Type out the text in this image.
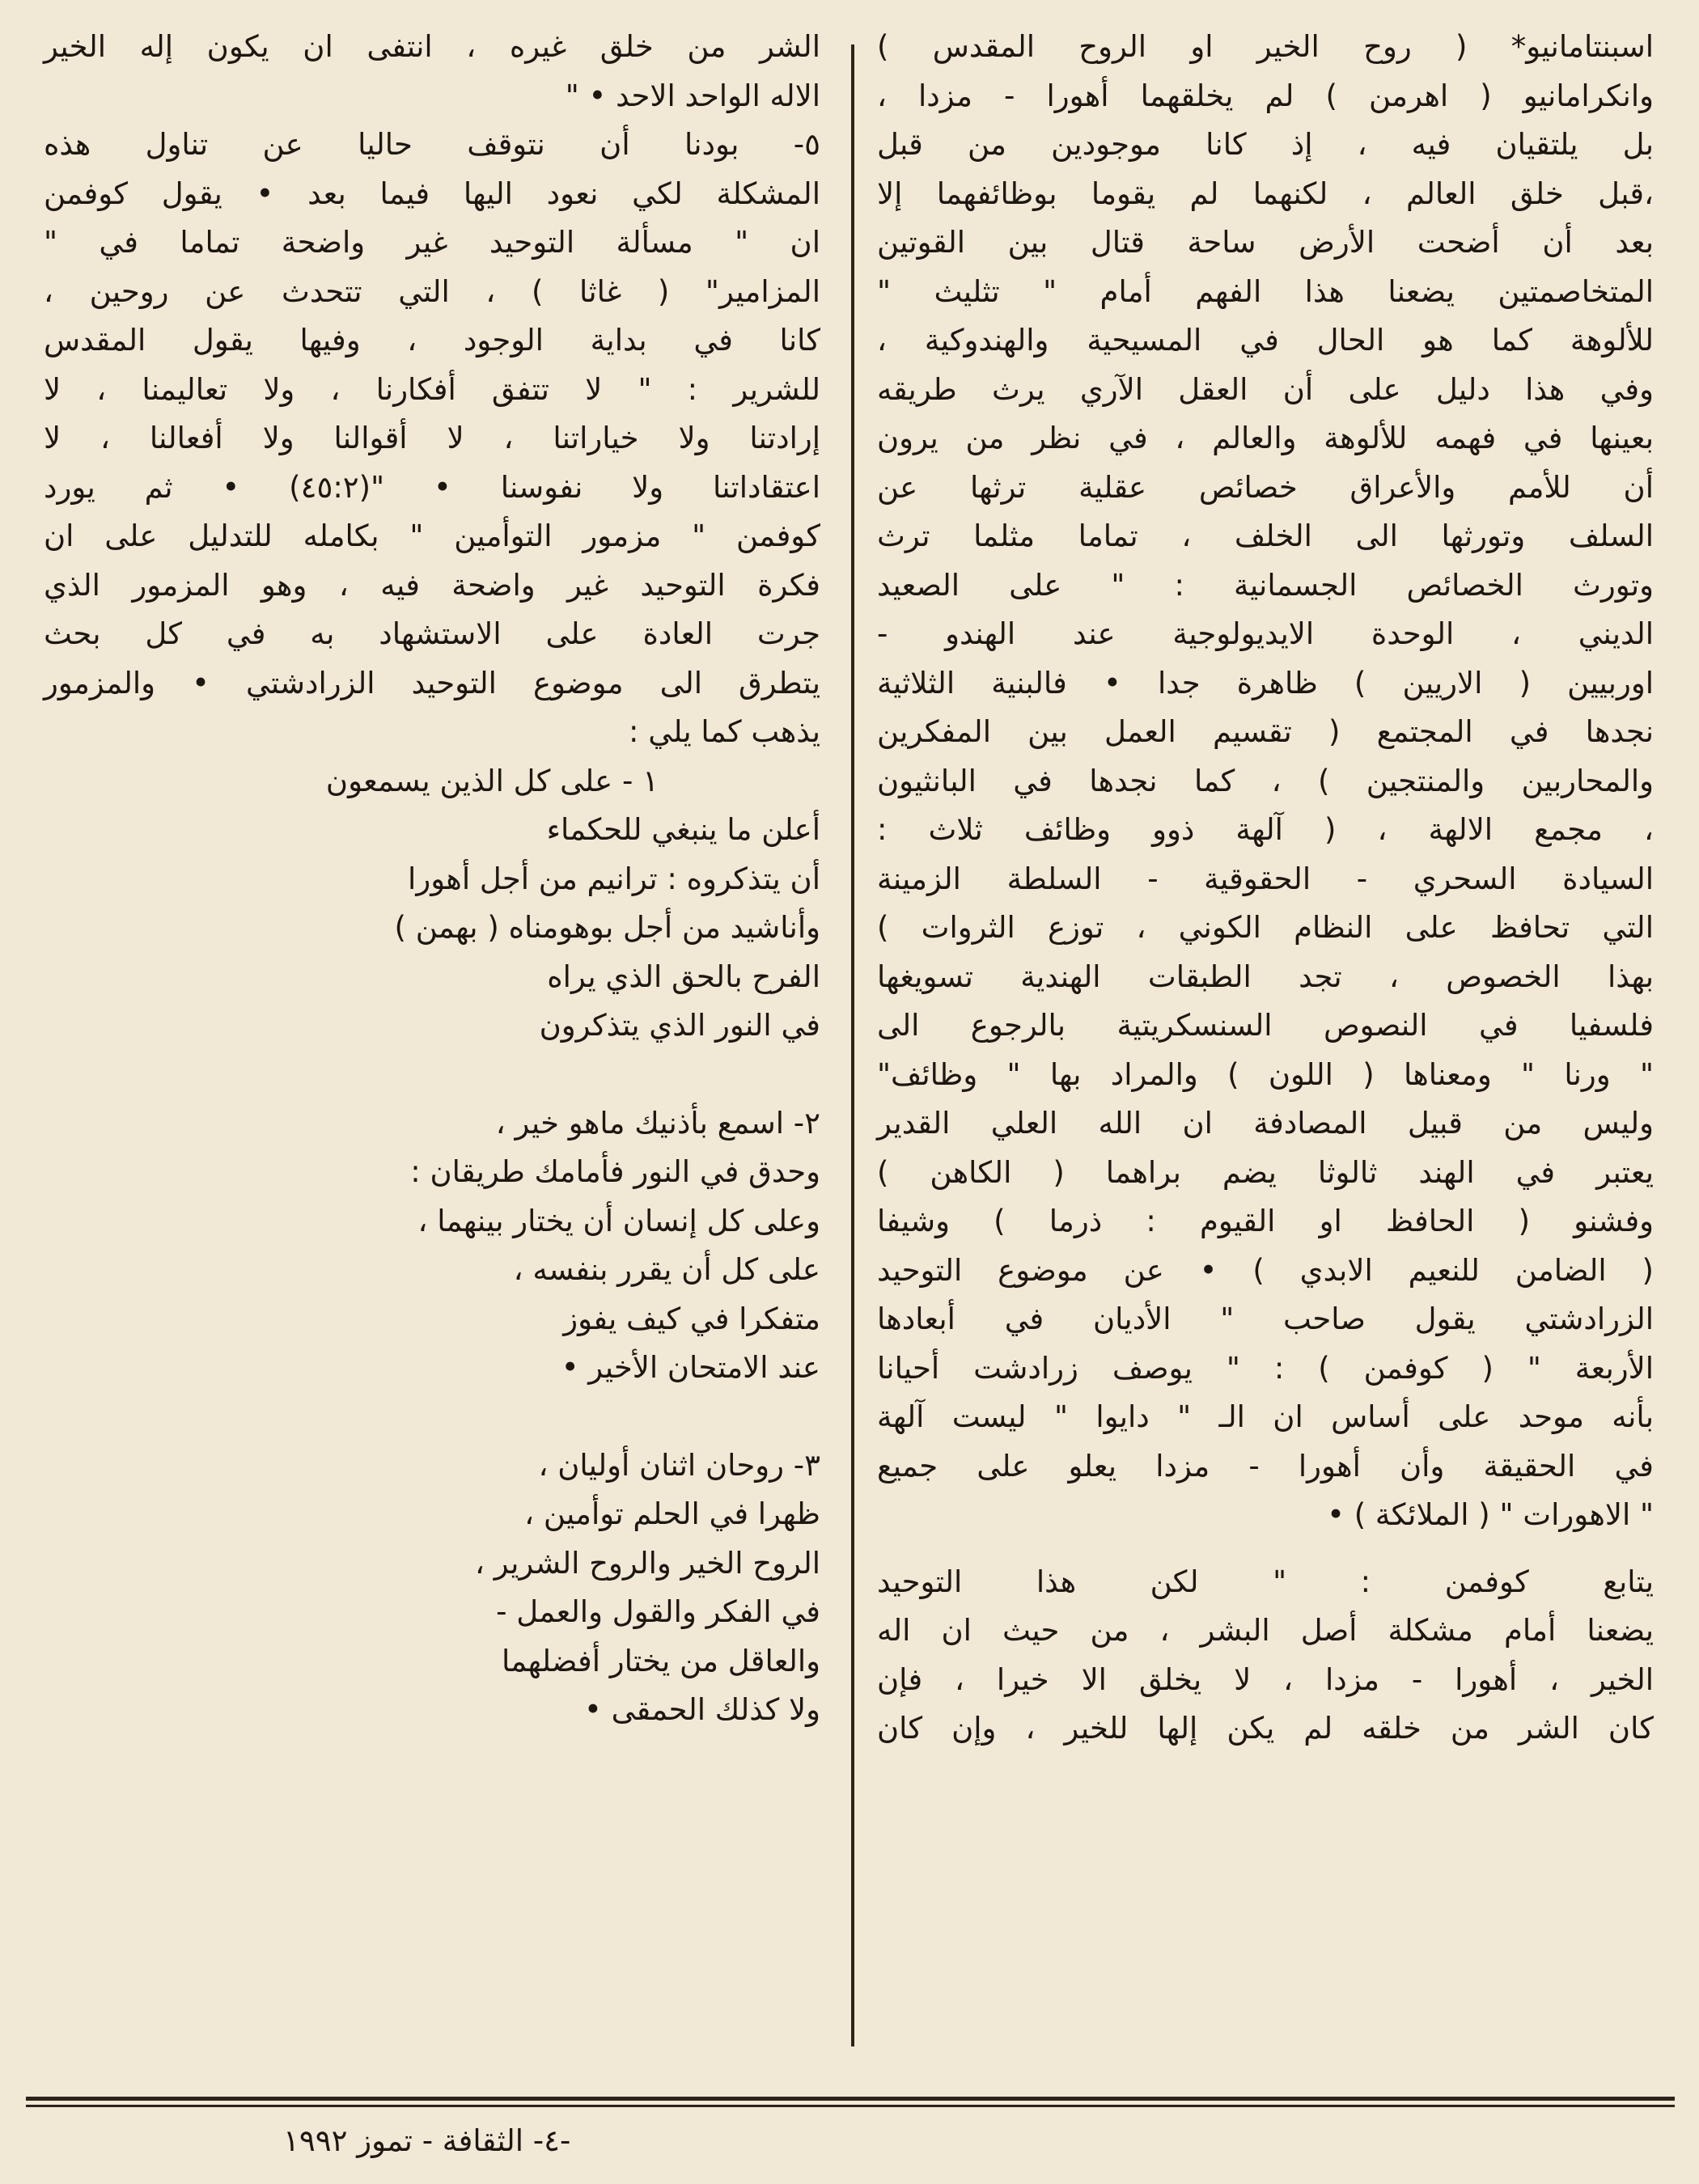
اسبنتامانيو* ( روح الخير او الروح المقدس )
وانكرامانيو ( اهرمن ) لم يخلقهما أهورا - مزدا ،
بل يلتقيان فيه ، إذ كانا موجودين من قبل
،قبل خلق العالم ، لكنهما لم يقوما بوظائفهما إلا
بعد أن أضحت الأرض ساحة قتال بين القوتين
المتخاصمتين يضعنا هذا الفهم أمام " تثليث "
للألوهة كما هو الحال في المسيحية والهندوكية ،
وفي هذا دليل على أن العقل الآري يرث طريقه
بعينها في فهمه للألوهة والعالم ، في نظر من يرون
أن للأمم والأعراق خصائص عقلية ترثها عن
السلف وتورثها الى الخلف ، تماما مثلما ترث
وتورث الخصائص الجسمانية : " على الصعيد
الديني ، الوحدة الايديولوجية عند الهندو -
اوربيين ( الاريين ) ظاهرة جدا • فالبنية الثلاثية
نجدها في المجتمع ( تقسيم العمل بين المفكرين
والمحاربين والمنتجين ) ، كما نجدها في البانثيون
، مجمع الالهة ، ( آلهة ذوو وظائف ثلاث :
السيادة السحري - الحقوقية - السلطة الزمينة
التي تحافظ على النظام الكوني ، توزع الثروات )
بهذا الخصوص ، تجد الطبقات الهندية تسويغها
فلسفيا في النصوص السنسكريتية بالرجوع الى
" ورنا " ومعناها ( اللون ) والمراد بها " وظائف"
وليس من قبيل المصادفة ان الله العلي القدير
يعتبر في الهند ثالوثا يضم براهما ( الكاهن )
وفشنو ( الحافظ او القيوم : ذرما ) وشيفا
( الضامن للنعيم الابدي ) • عن موضوع التوحيد
الزرادشتي يقول صاحب " الأديان في أبعادها
الأربعة " ( كوفمن ) : " يوصف زرادشت أحيانا
بأنه موحد على أساس ان الـ " دايوا " ليست آلهة
في الحقيقة وأن أهورا - مزدا يعلو على جميع
" الاهورات " ( الملائكة ) •
يتابع كوفمن : " لكن هذا التوحيد
يضعنا أمام مشكلة أصل البشر ، من حيث ان اله
الخير ، أهورا - مزدا ، لا يخلق الا خيرا ، فإن
كان الشر من خلقه لم يكن إلها للخير ، وإن كان
الشر من خلق غيره ، انتفى ان يكون إله الخير
الاله الواحد الاحد • "
٥- بودنا أن نتوقف حاليا عن تناول هذه
المشكلة لكي نعود اليها فيما بعد • يقول كوفمن
ان " مسألة التوحيد غير واضحة تماما في "
المزامير" ( غاثا ) ، التي تتحدث عن روحين ،
كانا في بداية الوجود ، وفيها يقول المقدس
للشرير : " لا تتفق أفكارنا ، ولا تعاليمنا ، لا
إرادتنا ولا خياراتنا ، لا أقوالنا ولا أفعالنا ، لا
اعتقاداتنا ولا نفوسنا • "(٤٥:٢) • ثم يورد
كوفمن " مزمور التوأمين " بكامله للتدليل على ان
فكرة التوحيد غير واضحة فيه ، وهو المزمور الذي
جرت العادة على الاستشهاد به في كل بحث
يتطرق الى موضوع التوحيد الزرادشتي • والمزمور
يذهب كما يلي :
١ - على كل الذين يسمعون
أعلن ما ينبغي للحكماء
أن يتذكروه : ترانيم من أجل أهورا
وأناشيد من أجل بوهومناه ( بهمن )
الفرح بالحق الذي يراه
في النور الذي يتذكرون
٢- اسمع بأذنيك ماهو خير ،
وحدق في النور فأمامك طريقان :
وعلى كل إنسان أن يختار بينهما ،
على كل أن يقرر بنفسه ،
متفكرا في كيف يفوز
عند الامتحان الأخير •
٣- روحان اثنان أوليان ،
ظهرا في الحلم توأمين ،
الروح الخير والروح الشرير ،
في الفكر والقول والعمل -
والعاقل من يختار أفضلهما
ولا كذلك الحمقى •
-٤- الثقافة - تموز ١٩٩٢
